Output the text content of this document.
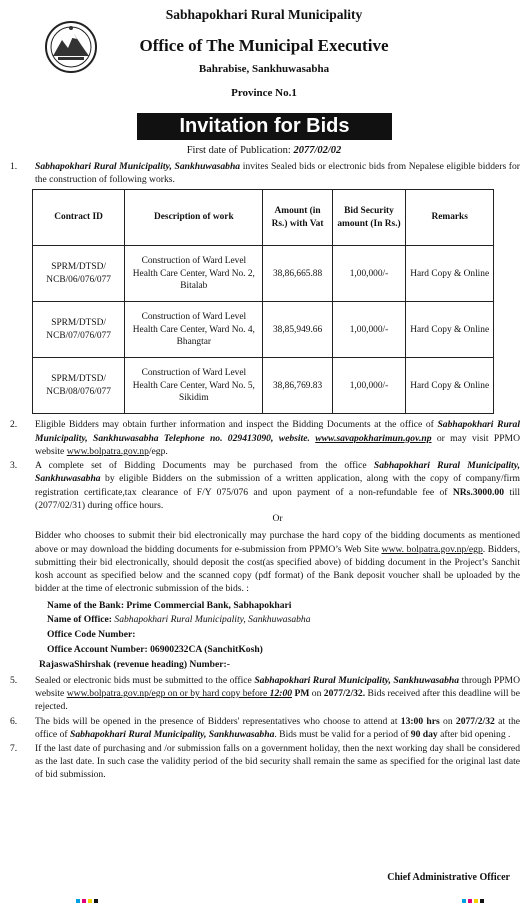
Sabhapokhari Rural Municipality
Office of The Municipal Executive
Bahrabise, Sankhuwasabha
Province No.1
Invitation for Bids
First date of Publication: 2077/02/02
1. Sabhapokhari Rural Municipality, Sankhuwasabha invites Sealed bids or electronic bids from Nepalese eligible bidders for the construction of following works.
Contract ID	Description of work	Amount (in Rs.) with Vat	Bid Security amount (In Rs.)	Remarks
SPRM/DTSD/ NCB/06/076/077	Construction of Ward Level Health Care Center, Ward No. 2, Bitalab	38,86,665.88	1,00,000/-	Hard Copy & Online
SPRM/DTSD/ NCB/07/076/077	Construction of Ward Level Health Care Center, Ward No. 4, Bhangtar	38,85,949.66	1,00,000/-	Hard Copy & Online
SPRM/DTSD/ NCB/08/076/077	Construction of Ward Level Health Care Center, Ward No. 5, Sikidim	38,86,769.83	1,00,000/-	Hard Copy & Online
2. Eligible Bidders may obtain further information and inspect the Bidding Documents at the office of Sabhapokhari Rural Municipality, Sankhuwasabha Telephone no. 029413090, website. www.savapokharimun.gov.np or may visit PPMO website www.bolpatra.gov.np/egp.
3. A complete set of Bidding Documents may be purchased from the office Sabhapokhari Rural Municipality, Sankhuwasabha by eligible Bidders on the submission of a written application, along with the copy of company/firm registration certificate,tax clearance of F/Y 075/076 and upon payment of a non-refundable fee of NRs.3000.00 till (2077/02/31) during office hours.
Or
Bidder who chooses to submit their bid electronically may purchase the hard copy of the bidding documents as mentioned above or may download the bidding documents for e-submission from PPMO’s Web Site www. bolpatra.gov.np/egp. Bidders, submitting their bid electronically, should deposit the cost(as specified above) of bidding document in the Project’s Sanchit kosh account as specified below and the scanned copy (pdf format) of the Bank deposit voucher shall be uploaded by the bidder at the time of electronic submission of the bids. :
Name of the Bank: Prime Commercial Bank, Sabhapokhari
Name of Office: Sabhapokhari Rural Municipality, Sankhuwasabha
Office Code Number:
Office Account Number: 06900232CA (SanchitKosh)
RajaswaShirshak (revenue heading) Number:-
5. Sealed or electronic bids must be submitted to the office Sabhapokhari Rural Municipality, Sankhuwasabha through PPMO website www.bolpatra.gov.np/egp on or by hard copy before 12:00 PM on 2077/2/32. Bids received after this deadline will be rejected.
6. The bids will be opened in the presence of Bidders' representatives who choose to attend at 13:00 hrs on 2077/2/32 at the office of Sabhapokhari Rural Municipality, Sankhuwasabha. Bids must be valid for a period of 90 day after bid opening .
7. If the last date of purchasing and /or submission falls on a government holiday, then the next working day shall be considered as the last date. In such case the validity period of the bid security shall remain the same as specified for the original last date of bid submission.
Chief Administrative Officer
